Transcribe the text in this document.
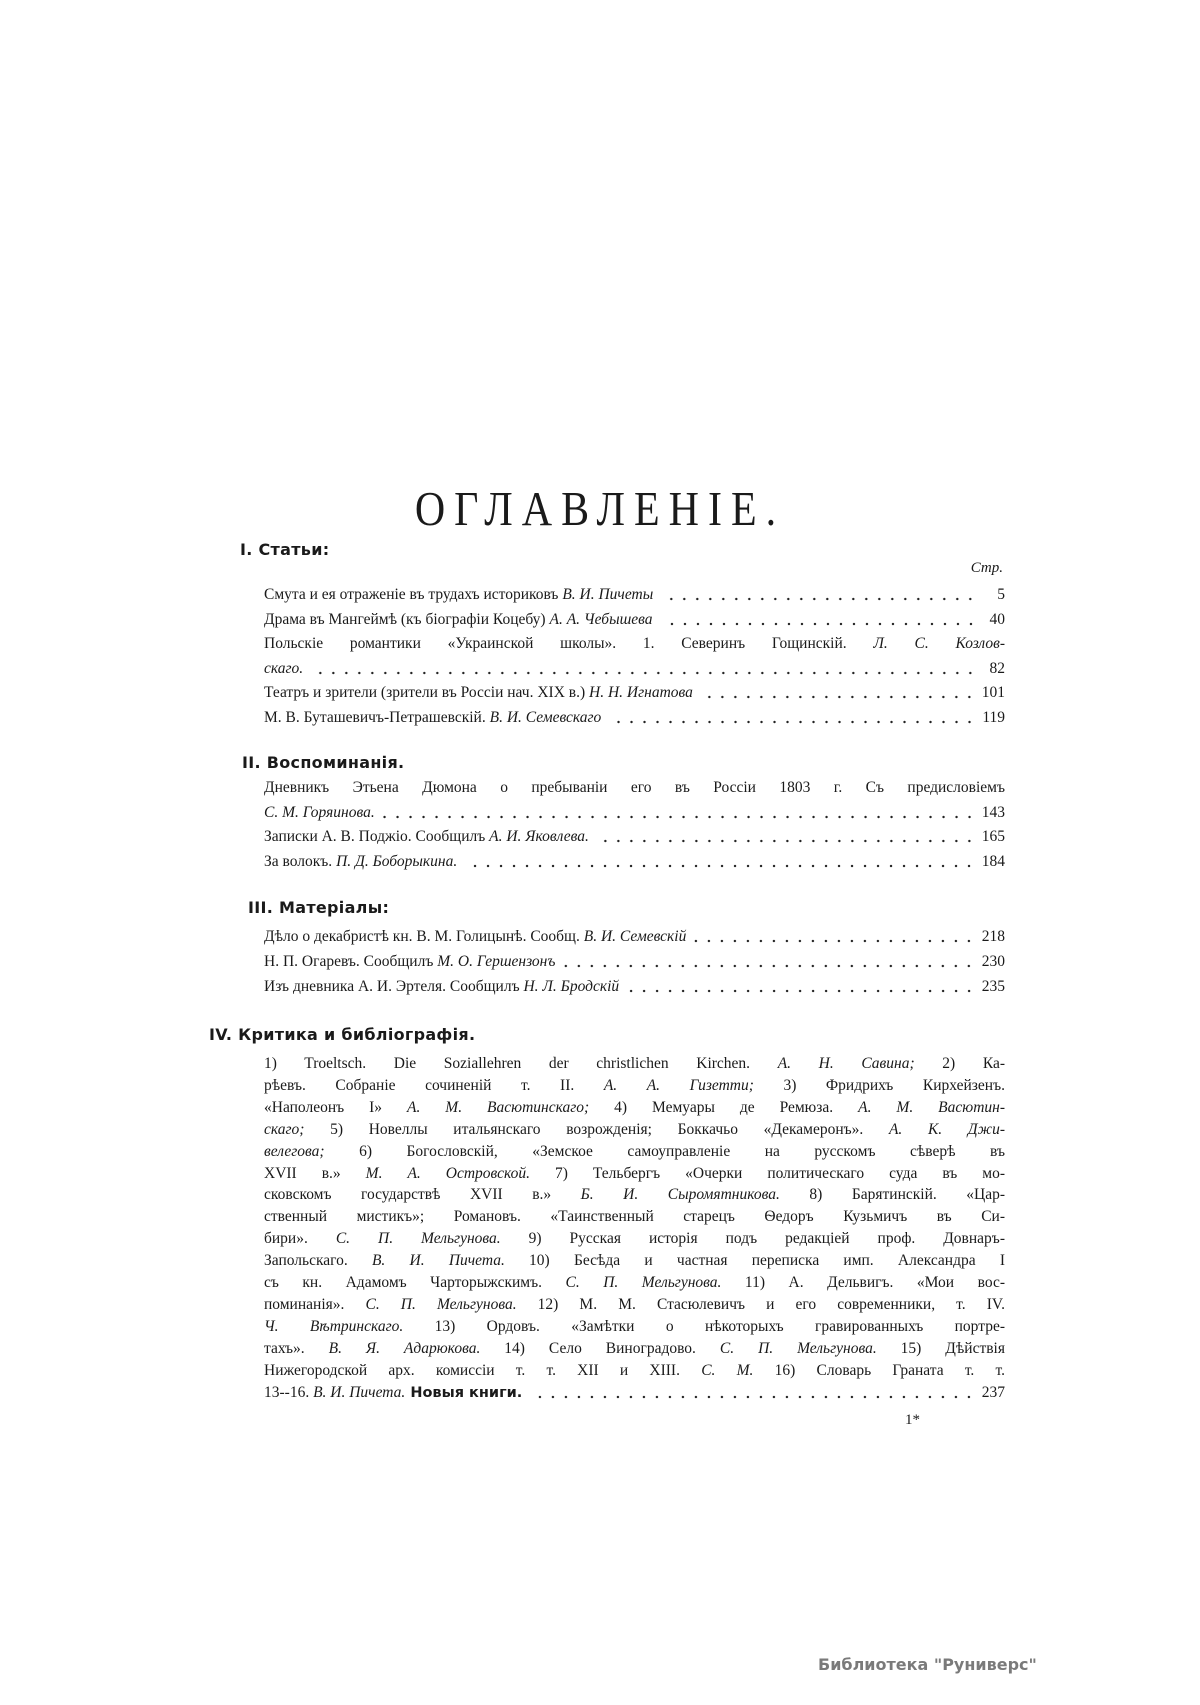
ОГЛАВЛЕНІЕ.
Стр.
I. Статьи:
Смута и ея отраженіе въ трудахъ историковъ В. И. Пичеты	5
Драма въ Мангеймѣ (къ біографіи Коцебу) А. А. Чебышева	40
Польскіе романтики «Украинской школы». 1. Северинъ Гощинскій. Л. С. Козлов-
скаго.	82
Театръ и зрители (зрители въ Россіи нач. XIX в.) Н. Н. Игнатова	101
М. В. Буташевичъ-Петрашевскій. В. И. Семевскаго	119
II. Воспоминанія.
Дневникъ Этьена Дюмона о пребываніи его въ Россіи 1803 г. Съ предисловіемъ
С. М. Горяинова.	143
Записки А. В. Поджіо. Сообщилъ А. И. Яковлева.	165
За волокъ. П. Д. Боборыкина.	184
III. Матеріалы:
Дѣло о декабристѣ кн. В. М. Голицынѣ. Сообщ. В. И. Семевскій	218
Н. П. Огаревъ. Сообщилъ М. О. Гершензонъ	230
Изъ дневника А. И. Эртеля. Сообщилъ Н. Л. Бродскій	235
IV. Критика и библіографія.
1) Troeltsch. Die Soziallehren der christlichen Kirchen. А. Н. Савина; 2) Ка-
рѣевъ. Собраніе сочиненій т. II. А. А. Гизетти; 3) Фридрихъ Кирхейзенъ.
«Наполеонъ I» А. М. Васютинскаго; 4) Мемуары де Ремюза. А. М. Васютин-
скаго; 5) Новеллы итальянскаго возрожденія; Боккачьо «Декамеронъ». А. К. Джи-
велегова; 6) Богословскій, «Земское самоуправленіе на русскомъ сѣверѣ въ
XVII в.» М. А. Островской. 7) Тельбергъ «Очерки политическаго суда въ мо-
сковскомъ государствѣ XVII в.» Б. И. Сыромятникова. 8) Барятинскій. «Цар-
ственный мистикъ»; Романовъ. «Таинственный старецъ Ѳедоръ Кузьмичъ въ Си-
бири». С. П. Мельгунова. 9) Русская исторія подъ редакціей проф. Довнаръ-
Запольскаго. В. И. Пичета. 10) Бесѣда и частная переписка имп. Александра I
съ кн. Адамомъ Чарторыжскимъ. С. П. Мельгунова. 11) А. Дельвигъ. «Мои вос-
поминанія». С. П. Мельгунова. 12) М. М. Стасюлевичъ и его современники, т. IV.
Ч. Вѣтринскаго. 13) Ордовъ. «Замѣтки о нѣкоторыхъ гравированныхъ портре-
тахъ». В. Я. Адарюкова. 14) Село Виноградово. С. П. Мельгунова. 15) Дѣйствія
Нижегородской арх. комиссіи т. т. XII и XIII. С. М. 16) Словарь Граната т. т.
13--16. В. И. Пичета. Новыя книги.	237
1*
Библиотека "Руниверс"
